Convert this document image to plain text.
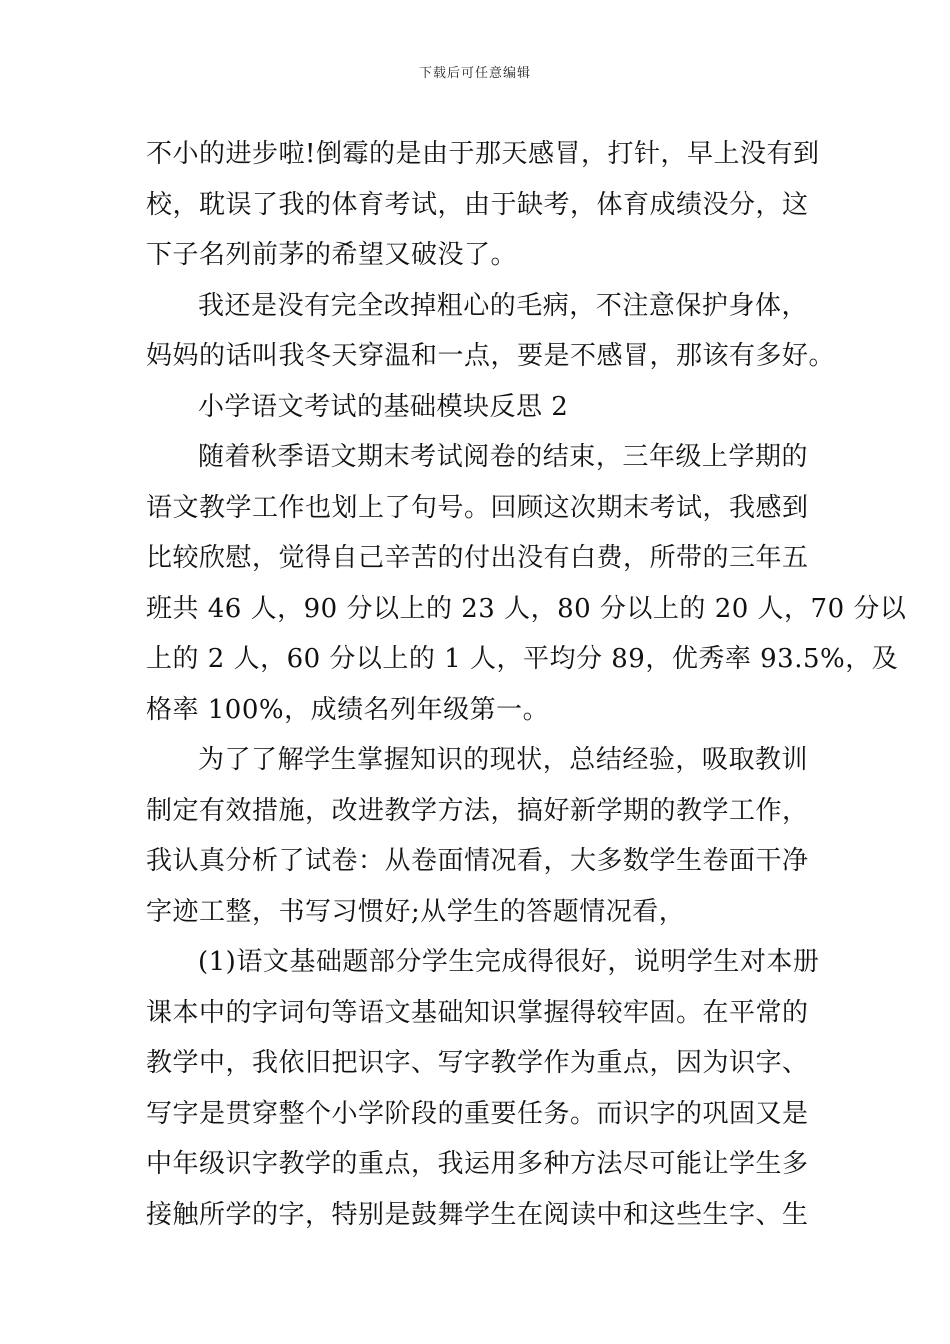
下载后可任意编辑
不小的进步啦!倒霉的是由于那天感冒，打针，早上没有到
校，耽误了我的体育考试，由于缺考，体育成绩没分，这
下子名列前茅的希望又破没了。
我还是没有完全改掉粗心的毛病，不注意保护身体，
妈妈的话叫我冬天穿温和一点，要是不感冒，那该有多好。
小学语文考试的基础模块反思 2
随着秋季语文期末考试阅卷的结束，三年级上学期的
语文教学工作也划上了句号。回顾这次期末考试，我感到
比较欣慰，觉得自己辛苦的付出没有白费，所带的三年五
班共 46 人，90 分以上的 23 人，80 分以上的 20 人，70 分以
上的 2 人，60 分以上的 1 人，平均分 89，优秀率 93.5%，及
格率 100%，成绩名列年级第一。
为了了解学生掌握知识的现状，总结经验，吸取教训
制定有效措施，改进教学方法，搞好新学期的教学工作，
我认真分析了试卷：从卷面情况看，大多数学生卷面干净
字迹工整，书写习惯好;从学生的答题情况看，
(1)语文基础题部分学生完成得很好，说明学生对本册
课本中的字词句等语文基础知识掌握得较牢固。在平常的
教学中，我依旧把识字、写字教学作为重点，因为识字、
写字是贯穿整个小学阶段的重要任务。而识字的巩固又是
中年级识字教学的重点，我运用多种方法尽可能让学生多
接触所学的字，特别是鼓舞学生在阅读中和这些生字、生
